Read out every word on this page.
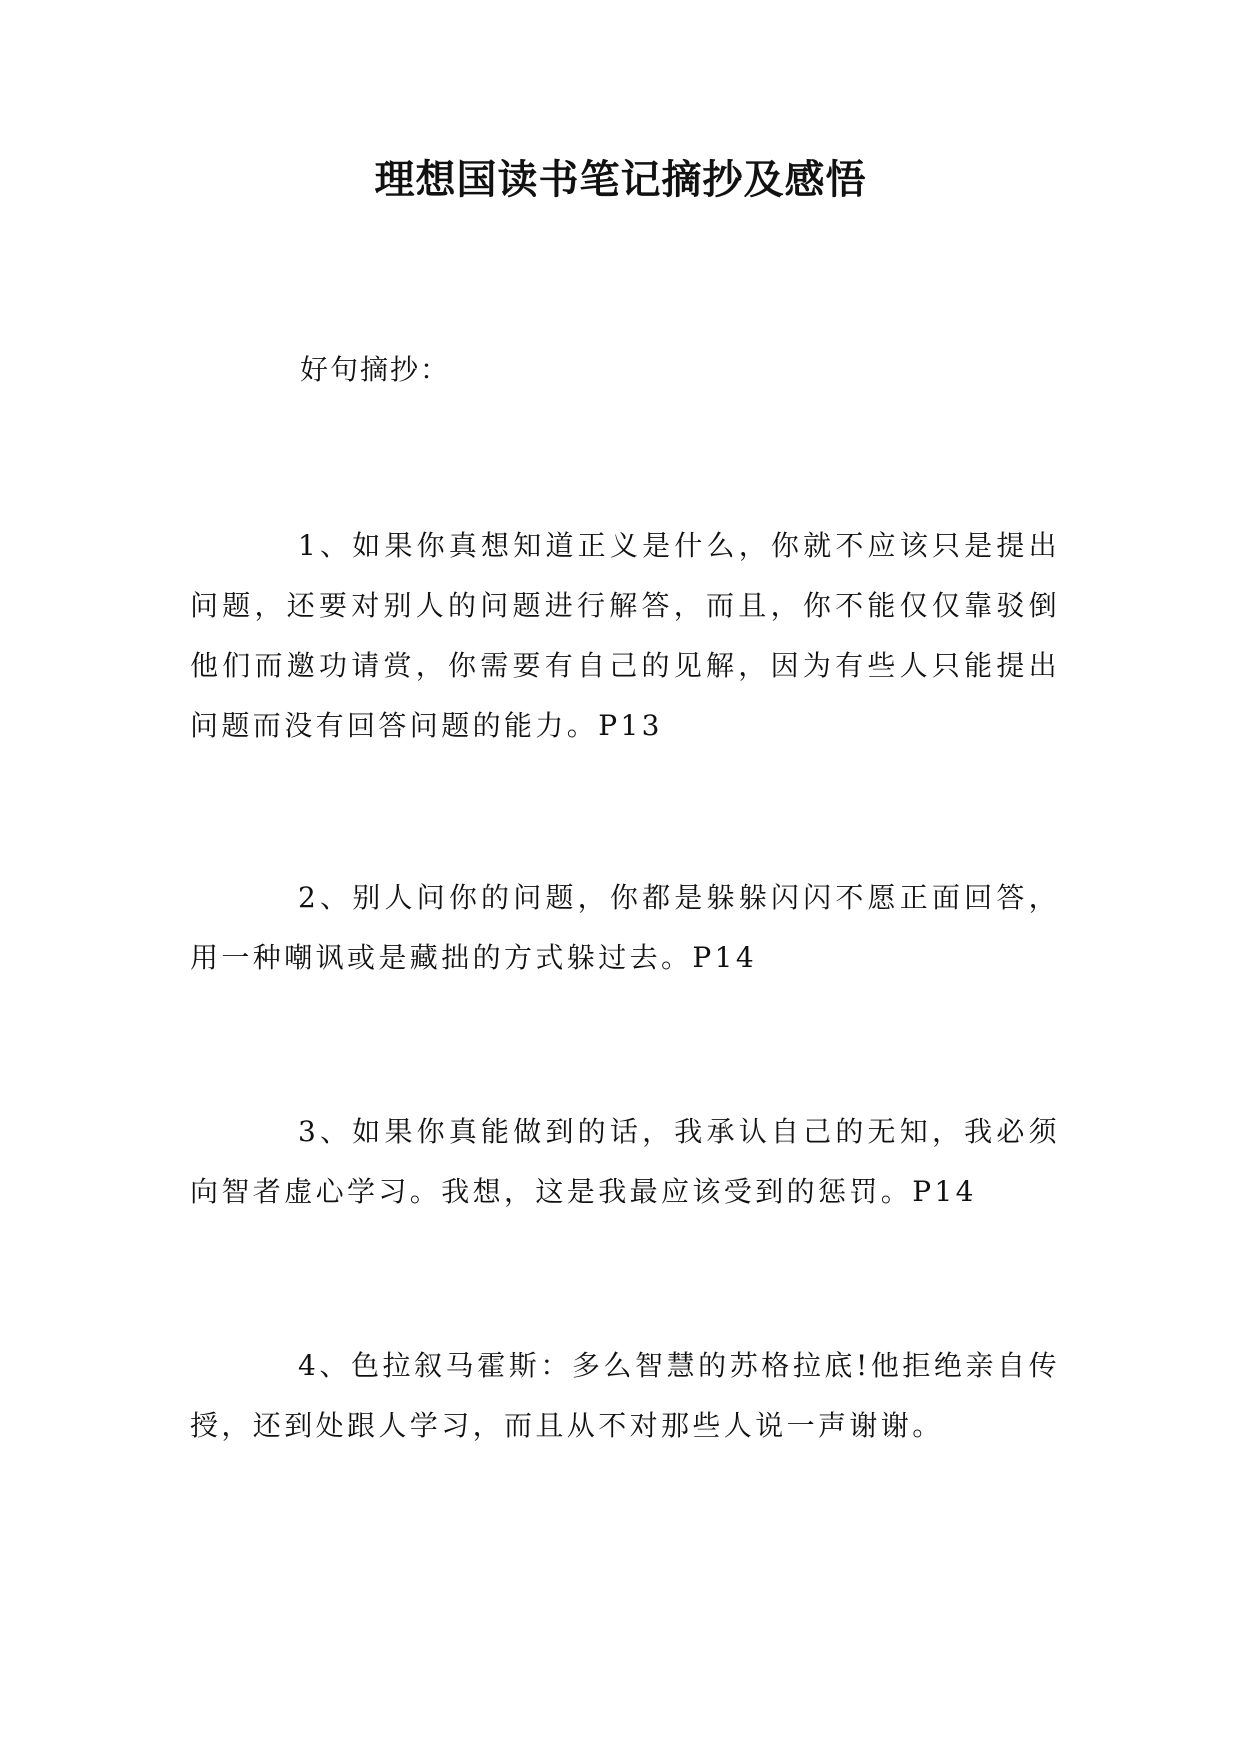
理想国读书笔记摘抄及感悟

好句摘抄：

1、如果你真想知道正义是什么，你就不应该只是提出问题，还要对别人的问题进行解答，而且，你不能仅仅靠驳倒他们而邀功请赏，你需要有自己的见解，因为有些人只能提出问题而没有回答问题的能力。P13

2、别人问你的问题，你都是躲躲闪闪不愿正面回答，用一种嘲讽或是藏拙的方式躲过去。P14

3、如果你真能做到的话，我承认自己的无知，我必须向智者虚心学习。我想，这是我最应该受到的惩罚。P14

4、色拉叙马霍斯：多么智慧的苏格拉底!他拒绝亲自传授，还到处跟人学习，而且从不对那些人说一声谢谢。
